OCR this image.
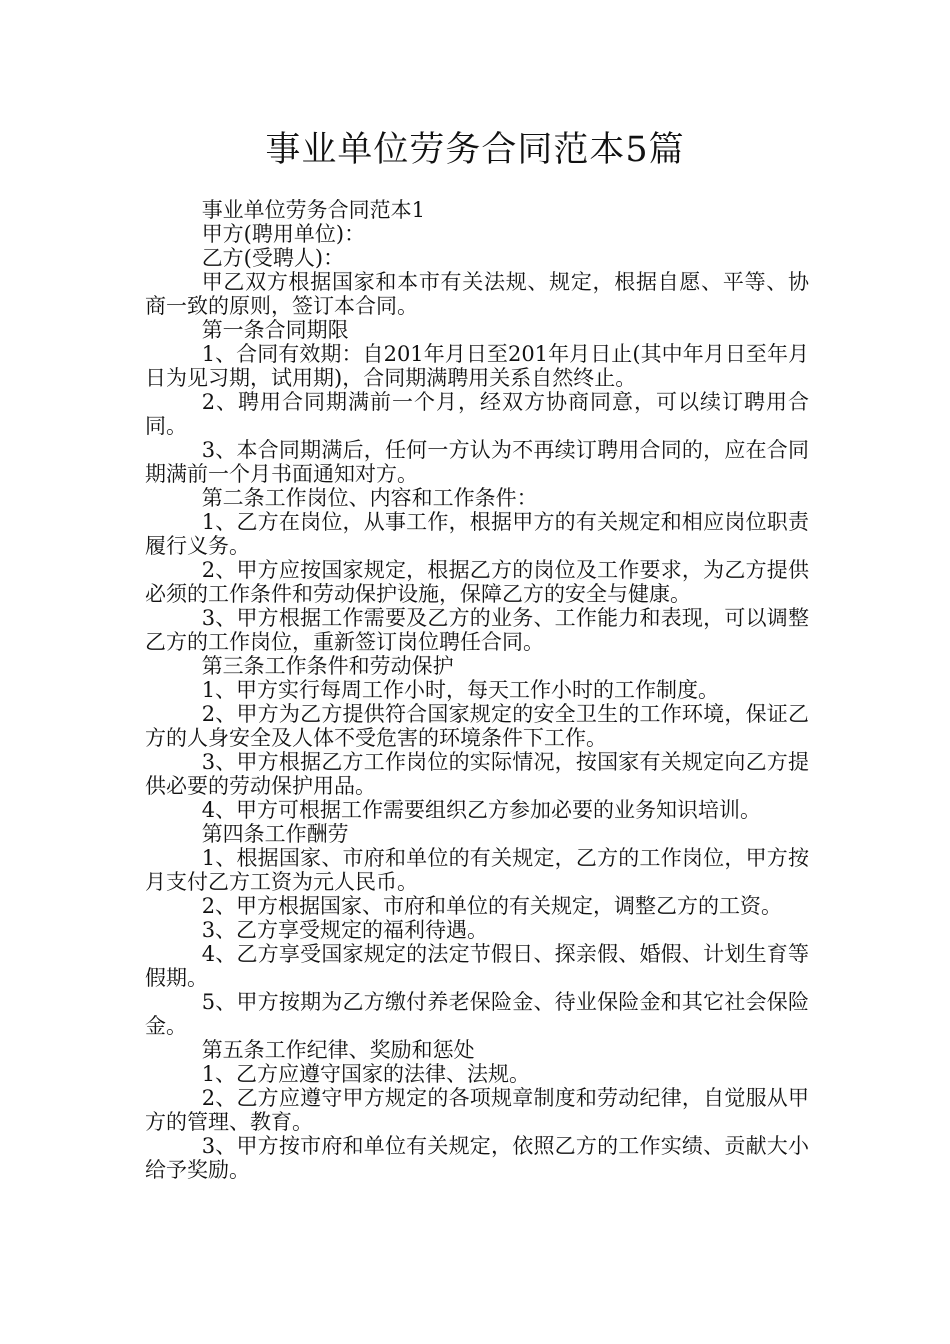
事业单位劳务合同范本5篇

事业单位劳务合同范本1

甲方(聘用单位)：

乙方(受聘人)：

甲乙双方根据国家和本市有关法规、规定，根据自愿、平等、协商一致的原则，签订本合同。

第一条合同期限

1、合同有效期：自201年月日至201年月日止(其中年月日至年月日为见习期，试用期)，合同期满聘用关系自然终止。

2、聘用合同期满前一个月，经双方协商同意，可以续订聘用合同。

3、本合同期满后，任何一方认为不再续订聘用合同的，应在合同期满前一个月书面通知对方。

第二条工作岗位、内容和工作条件：

1、乙方在岗位，从事工作，根据甲方的有关规定和相应岗位职责履行义务。

2、甲方应按国家规定，根据乙方的岗位及工作要求，为乙方提供必须的工作条件和劳动保护设施，保障乙方的安全与健康。

3、甲方根据工作需要及乙方的业务、工作能力和表现，可以调整乙方的工作岗位，重新签订岗位聘任合同。

第三条工作条件和劳动保护

1、甲方实行每周工作小时，每天工作小时的工作制度。

2、甲方为乙方提供符合国家规定的安全卫生的工作环境，保证乙方的人身安全及人体不受危害的环境条件下工作。

3、甲方根据乙方工作岗位的实际情况，按国家有关规定向乙方提供必要的劳动保护用品。

4、甲方可根据工作需要组织乙方参加必要的业务知识培训。

第四条工作酬劳

1、根据国家、市府和单位的有关规定，乙方的工作岗位，甲方按月支付乙方工资为元人民币。

2、甲方根据国家、市府和单位的有关规定，调整乙方的工资。

3、乙方享受规定的福利待遇。

4、乙方享受国家规定的法定节假日、探亲假、婚假、计划生育等假期。

5、甲方按期为乙方缴付养老保险金、待业保险金和其它社会保险金。

第五条工作纪律、奖励和惩处

1、乙方应遵守国家的法律、法规。

2、乙方应遵守甲方规定的各项规章制度和劳动纪律，自觉服从甲方的管理、教育。

3、甲方按市府和单位有关规定，依照乙方的工作实绩、贡献大小给予奖励。
